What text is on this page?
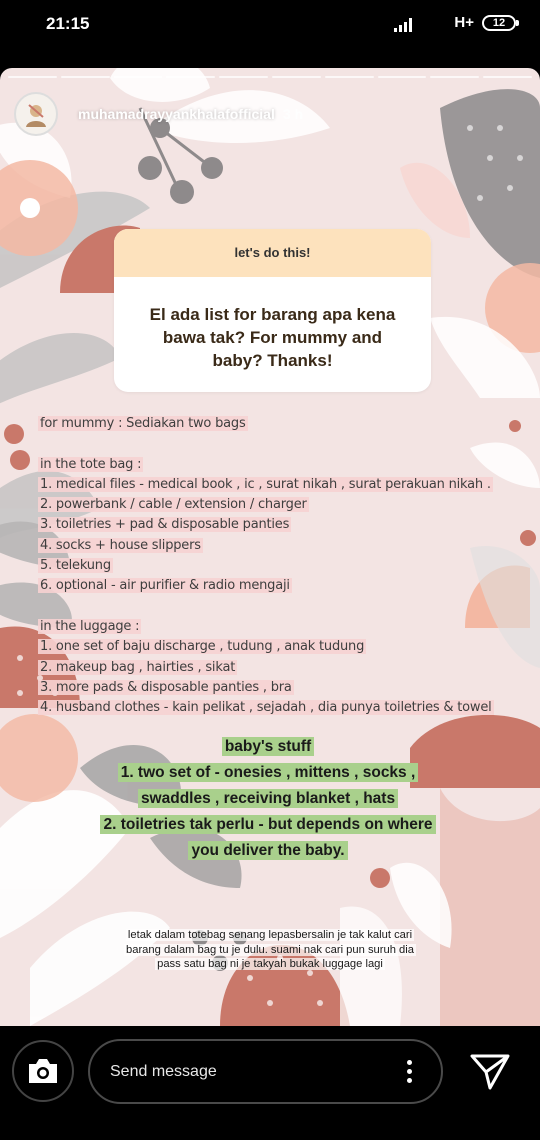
21:15	H+	12
muhamadrayyankhalafofficial 3 h
let's do this!
El ada list for barang apa kena bawa tak? For mummy and baby? Thanks!
for mummy : Sediakan two bags
in the tote bag :
1. medical files - medical book , ic , surat nikah , surat perakuan nikah .
2. powerbank / cable / extension / charger
3. toiletries + pad & disposable panties
4. socks + house slippers
5. telekung
6. optional - air purifier & radio mengaji
in the luggage :
1. one set of baju discharge , tudung , anak tudung
2. makeup bag , hairties , sikat
3. more pads & disposable panties , bra
4. husband clothes - kain pelikat , sejadah , dia punya toiletries & towel
baby's stuff
1. two set of - onesies , mittens , socks ,
swaddles , receiving blanket , hats
2. toiletries tak perlu - but depends on where
you deliver the baby.
letak dalam totebag senang lepasbersalin je tak kalut cari
barang dalam bag tu je dulu. suami nak cari pun suruh dia
pass satu bag ni je takyah bukak luggage lagi
Send message
